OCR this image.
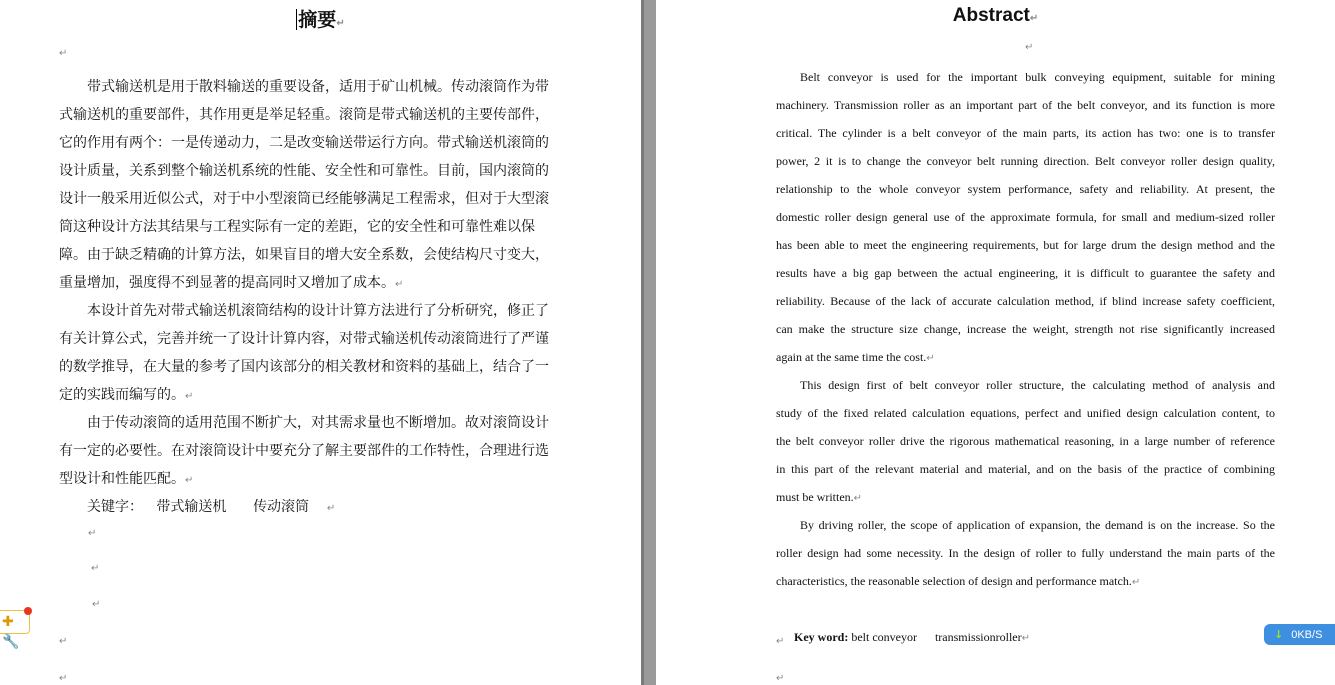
摘要↵
↵
带式输送机是用于散料输送的重要设备，适用于矿山机械。传动滚筒作为带
式输送机的重要部件，其作用更是举足轻重。滚筒是带式输送机的主要传部件，
它的作用有两个：一是传递动力，二是改变输送带运行方向。带式输送机滚筒的
设计质量，关系到整个输送机系统的性能、安全性和可靠性。目前，国内滚筒的
设计一般采用近似公式，对于中小型滚筒已经能够满足工程需求，但对于大型滚
筒这种设计方法其结果与工程实际有一定的差距，它的安全性和可靠性难以保
障。由于缺乏精确的计算方法，如果盲目的增大安全系数，会使结构尺寸变大，
重量增加，强度得不到显著的提高同时又增加了成本。↵
本设计首先对带式输送机滚筒结构的设计计算方法进行了分析研究，修正了
有关计算公式，完善并统一了设计计算内容，对带式输送机传动滚筒进行了严谨
的数学推导，在大量的参考了国内该部分的相关教材和资料的基础上，结合了一
定的实践而编写的。↵
由于传动滚筒的适用范围不断扩大，对其需求量也不断增加。故对滚筒设计
有一定的必要性。在对滚筒设计中要充分了解主要部件的工作特性，合理进行选
型设计和性能匹配。↵
关键字： 带式输送机 传动滚筒 ↵
↵
↵
↵
↵
↵
Abstract↵
↵
Belt conveyor is used for the important bulk conveying equipment, suitable for mining
machinery. Transmission roller as an important part of the belt conveyor, and its function is more
critical. The cylinder is a belt conveyor of the main parts, its action has two: one is to transfer
power, 2 it is to change the conveyor belt running direction. Belt conveyor roller design quality,
relationship to the whole conveyor system performance, safety and reliability. At present, the
domestic roller design general use of the approximate formula, for small and medium-sized roller
has been able to meet the engineering requirements, but for large drum the design method and the
results have a big gap between the actual engineering, it is difficult to guarantee the safety and
reliability. Because of the lack of accurate calculation method, if blind increase safety coefficient,
can make the structure size change, increase the weight, strength not rise significantly increased
again at the same time the cost.↵
This design first of belt conveyor roller structure, the calculating method of analysis and
study of the fixed related calculation equations, perfect and unified design calculation content, to
the belt conveyor roller drive the rigorous mathematical reasoning, in a large number of reference
in this part of the relevant material and material, and on the basis of the practice of combining
must be written.↵
By driving roller, the scope of application of expansion, the demand is on the increase. So the
roller design had some necessity. In the design of roller to fully understand the main parts of the
characteristics, the reasonable selection of design and performance match.↵

Key word: belt conveyor      transmissionroller↵

↵
↵
✚🔧	↓ 0KB/S
